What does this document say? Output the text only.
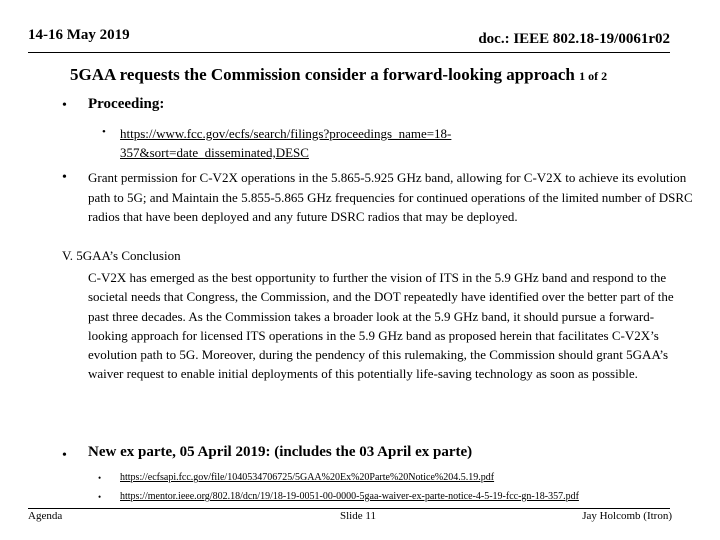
14-16 May 2019	doc.: IEEE 802.18-19/0061r02
5GAA requests the Commission consider a forward-looking approach 1 of 2
• Proceeding:
• https://www.fcc.gov/ecfs/search/filings?proceedings_name=18-357&sort=date_disseminated,DESC
• Grant permission for C-V2X operations in the 5.865-5.925 GHz band, allowing for C-V2X to achieve its evolution path to 5G; and Maintain the 5.855-5.865 GHz frequencies for continued operations of the limited number of DSRC radios that have been deployed and any future DSRC radios that may be deployed.
V. 5GAA’s Conclusion
C-V2X has emerged as the best opportunity to further the vision of ITS in the 5.9 GHz band and respond to the societal needs that Congress, the Commission, and the DOT repeatedly have identified over the better part of the past three decades. As the Commission takes a broader look at the 5.9 GHz band, it should pursue a forward-looking approach for licensed ITS operations in the 5.9 GHz band as proposed herein that facilitates C-V2X’s evolution path to 5G. Moreover, during the pendency of this rulemaking, the Commission should grant 5GAA’s waiver request to enable initial deployments of this potentially life-saving technology as soon as possible.
• New ex parte, 05 April 2019: (includes the 03 April ex parte)
• https://ecfsapi.fcc.gov/file/1040534706725/5GAA%20Ex%20Parte%20Notice%204.5.19.pdf
• https://mentor.ieee.org/802.18/dcn/19/18-19-0051-00-0000-5gaa-waiver-ex-parte-notice-4-5-19-fcc-gn-18-357.pdf
Agenda	Slide 11	Jay Holcomb (Itron)
